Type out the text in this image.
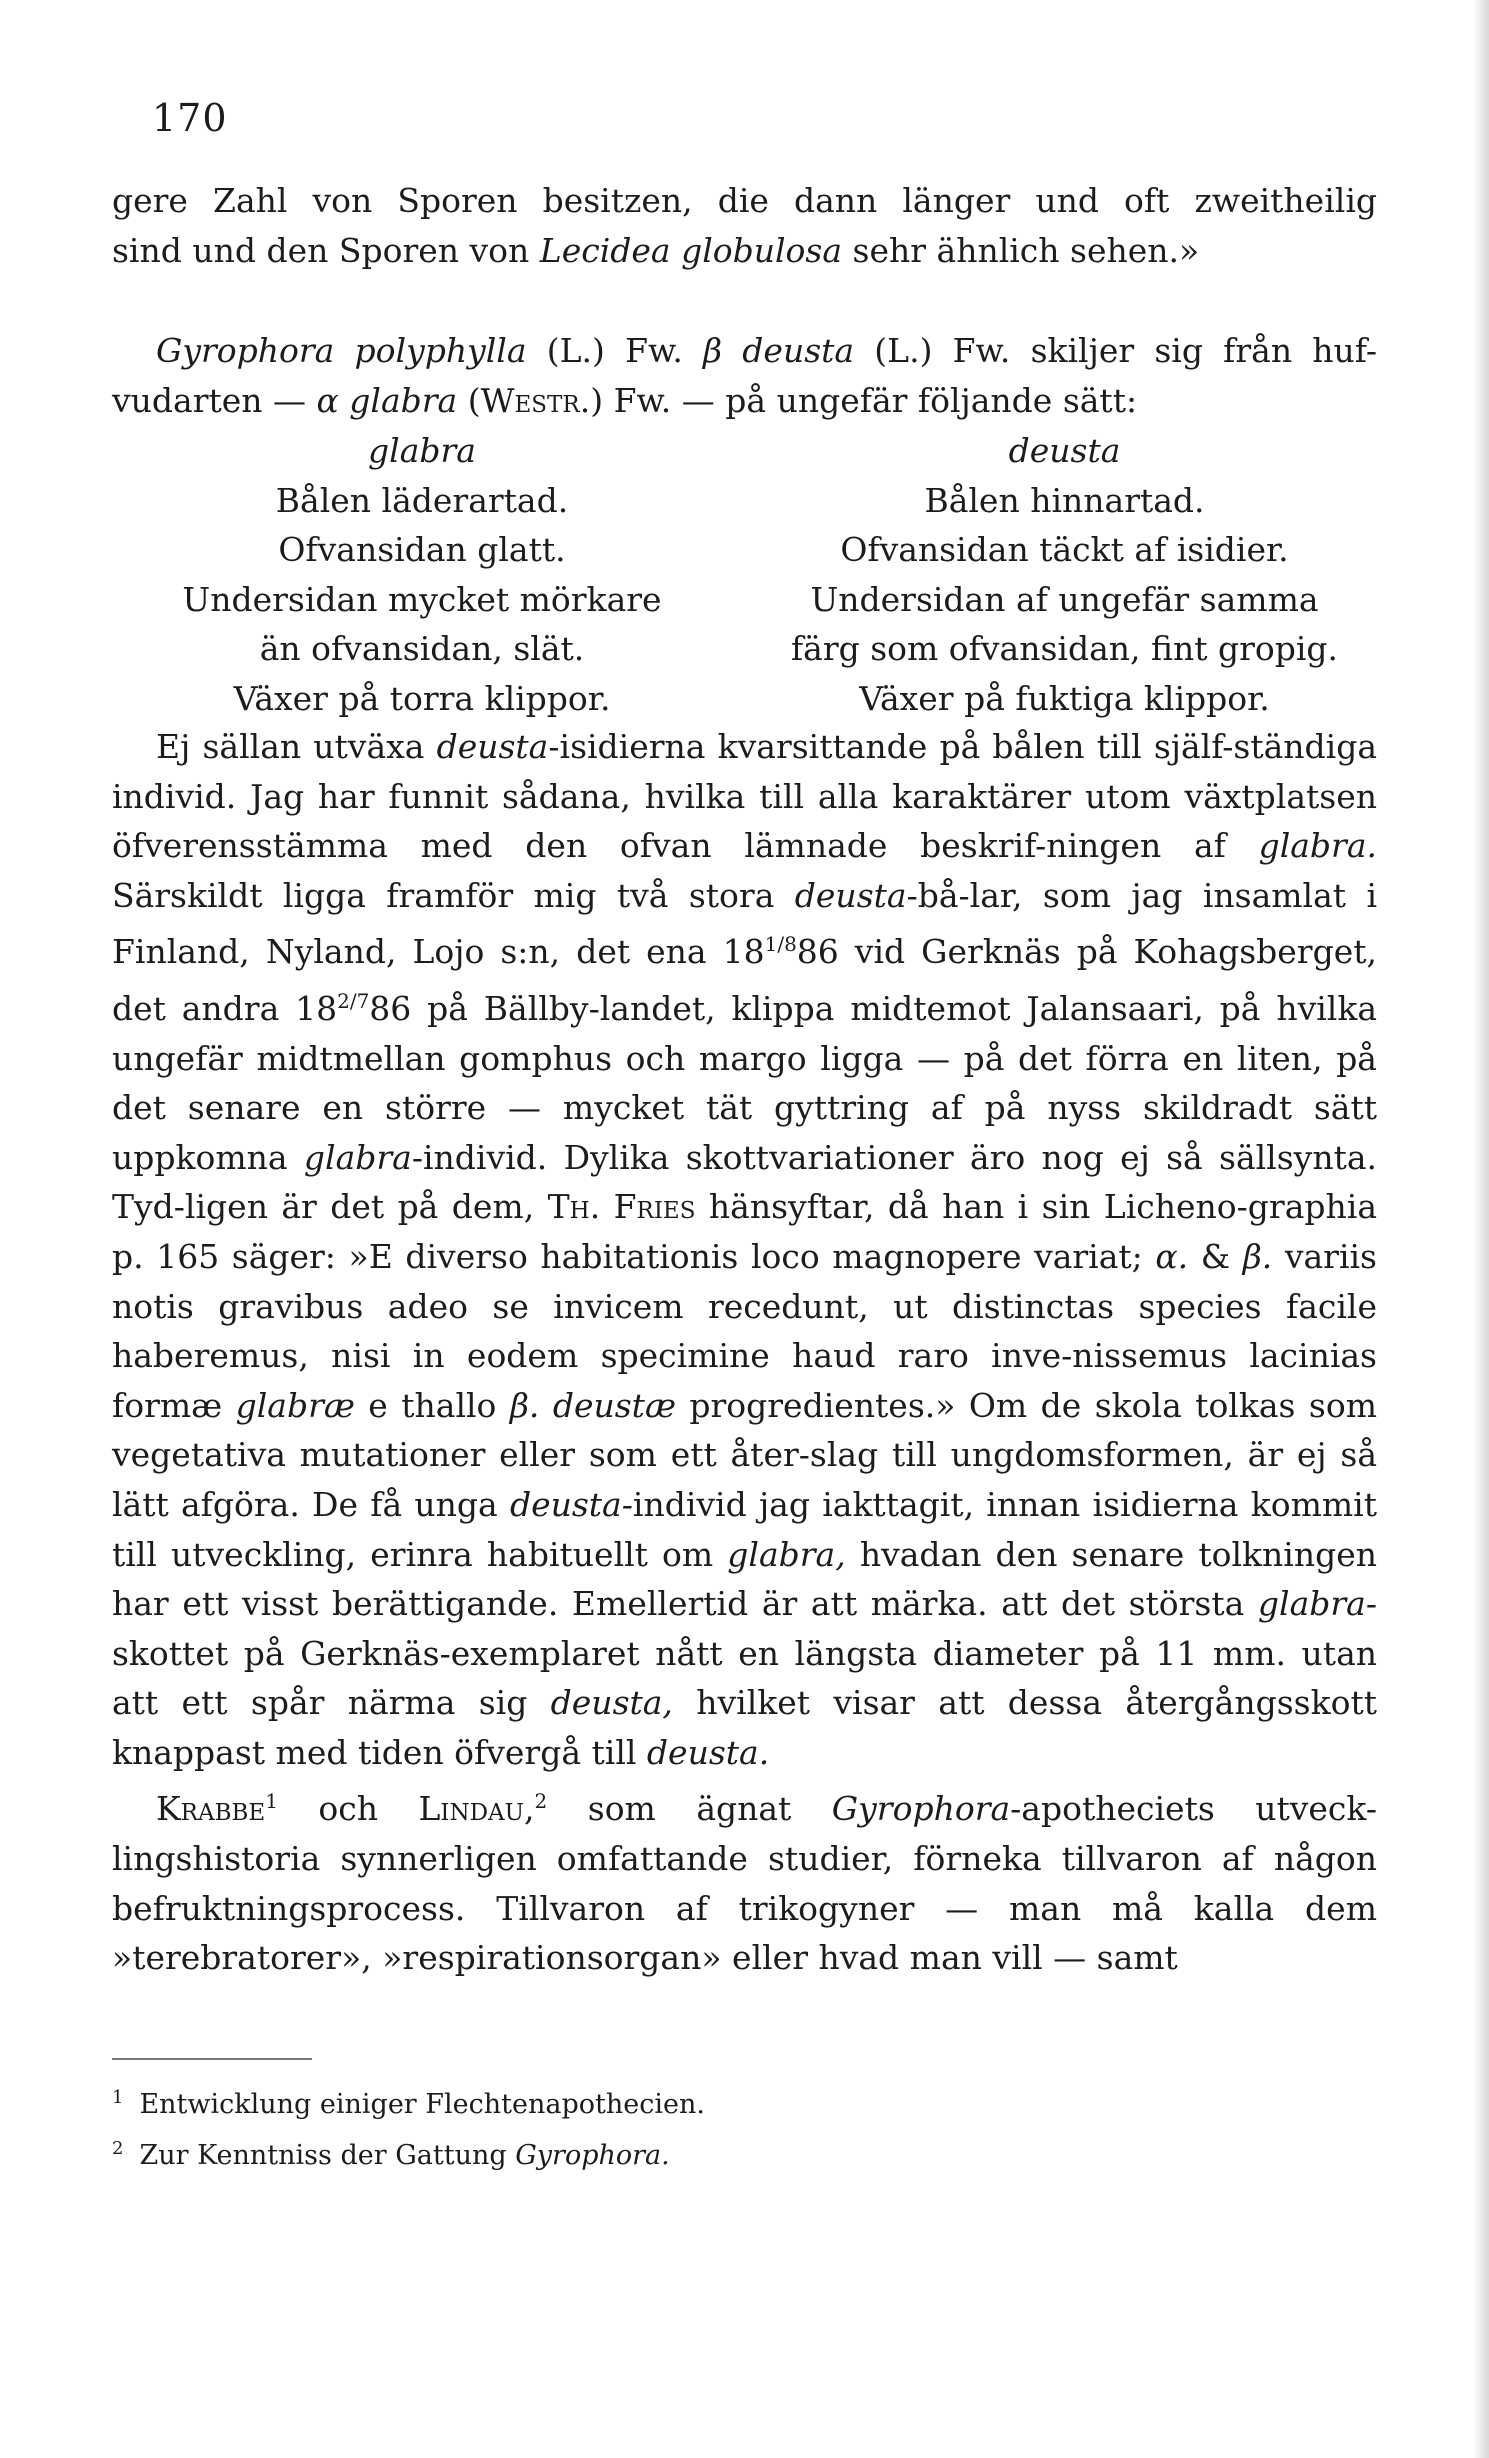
170

gere Zahl von Sporen besitzen, die dann länger und oft zweitheilig

sind und den Sporen von Lecidea globulosa sehr ähnlich sehen.»

Gyrophora polyphylla (L.) Fw. β deusta (L.) Fw. skiljer sig från huf-

vudarten — α glabra (Westr.) Fw. — på ungefär följande sätt:

glabra
Bålen läderartad.
Ofvansidan glatt.
Undersidan mycket mörkare
än ofvansidan, slät.
Växer på torra klippor.
deusta
Bålen hinnartad.
Ofvansidan täckt af isidier.
Undersidan af ungefär samma
färg som ofvansidan, fint gropig.
Växer på fuktiga klippor.

Ej sällan utväxa deusta-isidierna kvarsittande på bålen till själf-ständiga individ. Jag har funnit sådana, hvilka till alla karaktärer utom växtplatsen öfverensstämma med den ofvan lämnade beskrif-ningen af glabra. Särskildt ligga framför mig två stora deusta-bå-lar, som jag insamlat i Finland, Nyland, Lojo s:n, det ena $18^{1/8}86$ vid Gerknäs på Kohagsberget, det andra $18^{2/7}86$ på Bällby-landet, klippa midtemot Jalansaari, på hvilka ungefär midtmellan gomphus och margo ligga — på det förra en liten, på det senare en större — mycket tät gyttring af på nyss skildradt sätt uppkomna glabra-individ. Dylika skottvariationer äro nog ej så sällsynta. Tyd-ligen är det på dem, Th. Fries hänsyftar, då han i sin Licheno-graphia p. 165 säger: »E diverso habitationis loco magnopere variat; α. & β. variis notis gravibus adeo se invicem recedunt, ut distinctas species facile haberemus, nisi in eodem specimine haud raro inve-nissemus lacinias formæ glabræ e thallo β. deustæ progredientes.» Om de skola tolkas som vegetativa mutationer eller som ett åter-slag till ungdomsformen, är ej så lätt afgöra. De få unga deusta-individ jag iakttagit, innan isidierna kommit till utveckling, erinra habituellt om glabra, hvadan den senare tolkningen har ett visst berättigande. Emellertid är att märka. att det största glabra-skottet på Gerknäs-exemplaret nått en längsta diameter på 11 mm. utan att ett spår närma sig deusta, hvilket visar att dessa återgångsskott knappast med tiden öfvergå till deusta.

Krabbe$^1$ och Lindau,$^2$ som ägnat Gyrophora-apotheciets utveck-lingshistoria synnerligen omfattande studier, förneka tillvaron af någon befruktningsprocess. Tillvaron af trikogyner — man må kalla dem »terebratorer», »respirationsorgan» eller hvad man vill — samt

$^1$ Entwicklung einiger Flechtenapothecien.
$^2$ Zur Kenntniss der Gattung Gyrophora.
